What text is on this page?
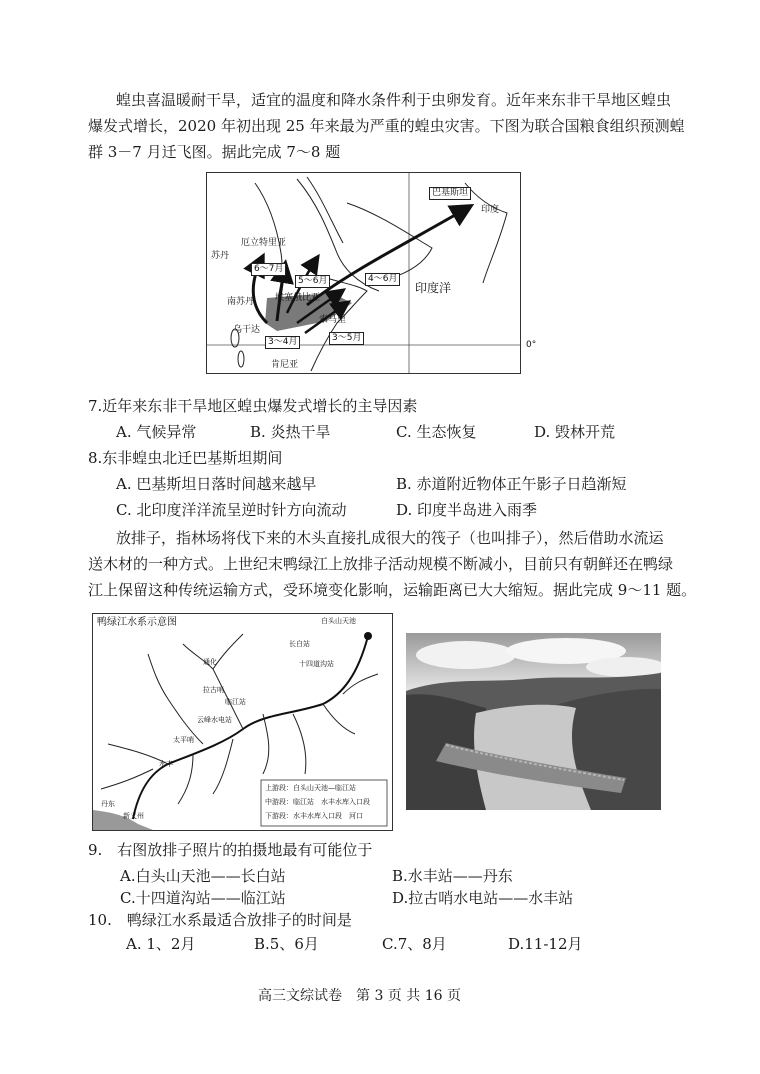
蝗虫喜温暖耐干旱，适宜的温度和降水条件利于虫卵发育。近年来东非干旱地区蝗虫
爆发式增长，2020 年初出现 25 年来最为严重的蝗虫灾害。下图为联合国粮食组织预测蝗
群 3－7 月迁飞图。据此完成 7～8 题
厄立特里亚
苏丹
南苏丹 埃塞俄比亚
索马里
乌干达
肯尼亚
巴基斯坦
印度
印度洋
6～7月
5～6月	4～6月
3～4月	3～5月
0°
7.近年来东非干旱地区蝗虫爆发式增长的主导因素
A. 气候异常	B. 炎热干旱	C. 生态恢复	D. 毁林开荒
8.东非蝗虫北迁巴基斯坦期间
A. 巴基斯坦日落时间越来越早	B. 赤道附近物体正午影子日趋渐短
C. 北印度洋洋流呈逆时针方向流动	D. 印度半岛进入雨季
放排子，指林场将伐下来的木头直接扎成很大的筏子（也叫排子），然后借助水流运
送木材的一种方式。上世纪末鸭绿江上放排子活动规模不断减小，目前只有朝鲜还在鸭绿
江上保留这种传统运输方式，受环境变化影响，运输距离已大大缩短。据此完成 9～11 题。
鸭绿江水系示意图	白头山天池
长白站
十四道沟站
通化
临江站
拉古哨
云峰水电站
太平哨
水丰
丹东
新义州
上游段：白头山天池—临江站
中游段：临江站　水丰水库入口段
下游段：水丰水库入口段　河口
9.　右图放排子照片的拍摄地最有可能位于
A.白头山天池——长白站	B.水丰站——丹东
C.十四道沟站——临江站	D.拉古哨水电站——水丰站
10.　鸭绿江水系最适合放排子的时间是
A. 1、2月	B.5、6月	C.7、8月	D.11-12月
高三文综试卷　第 3 页 共 16 页
